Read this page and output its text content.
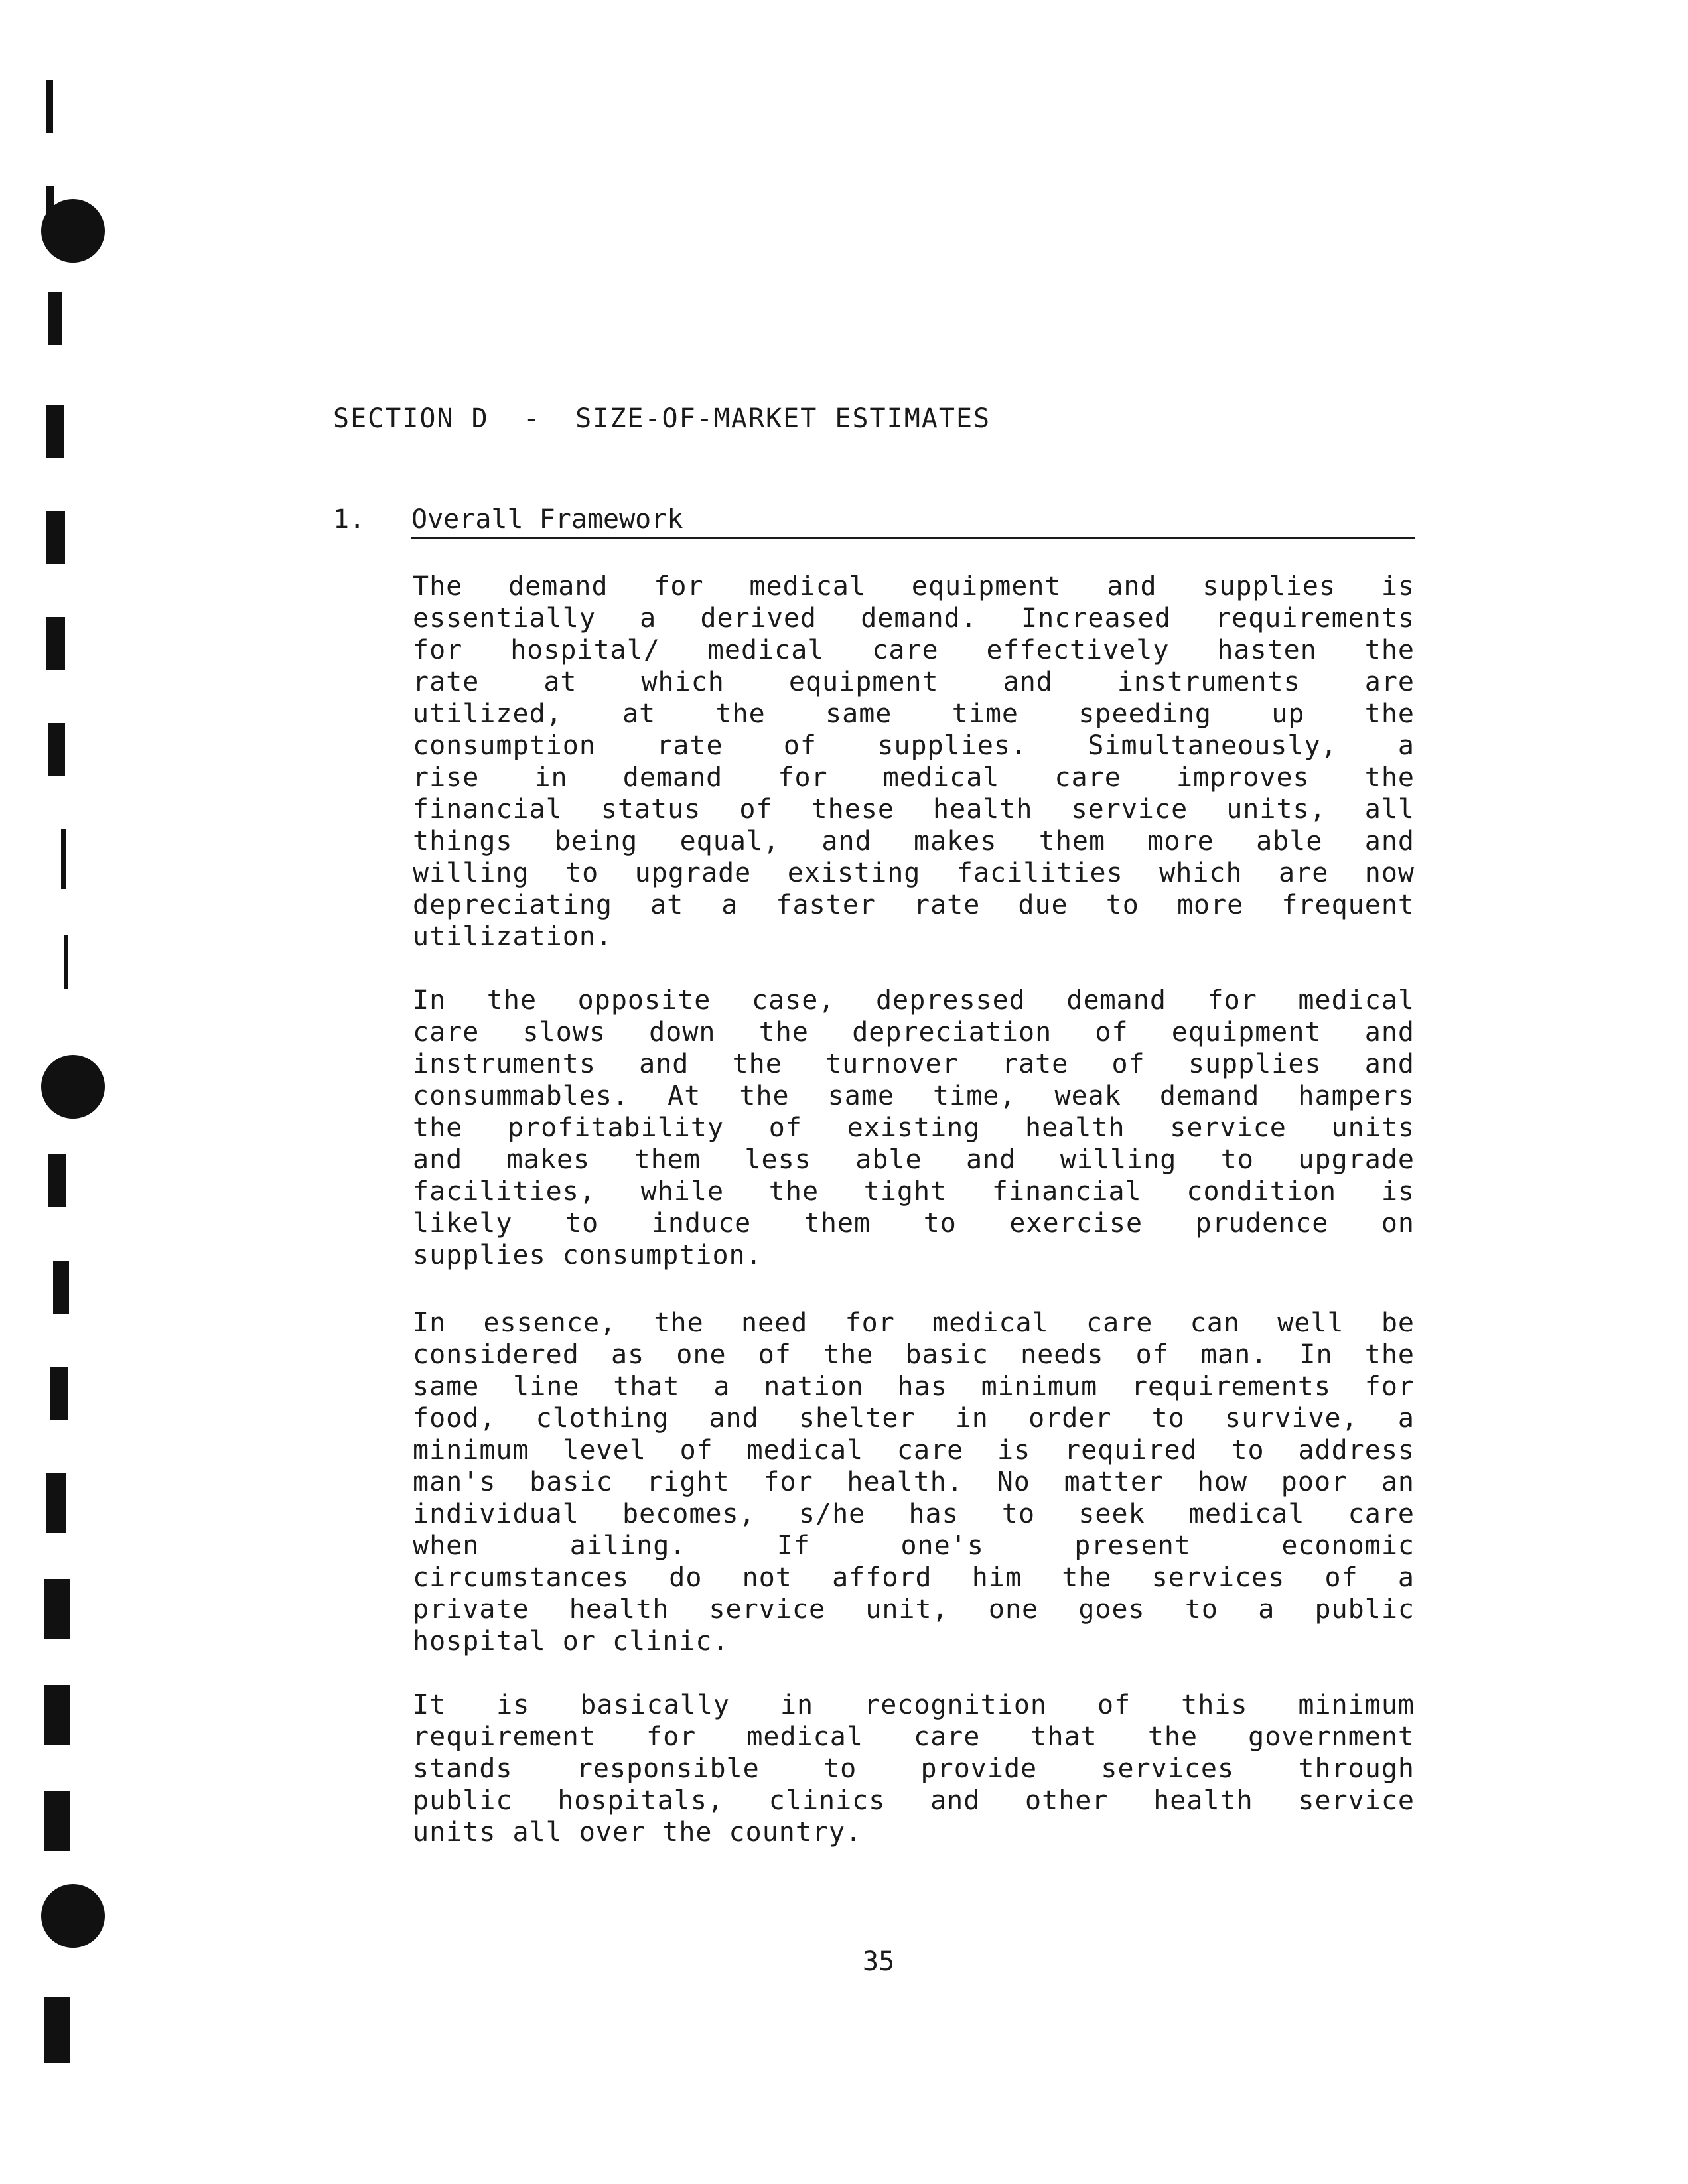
SECTION D  -  SIZE-OF-MARKET ESTIMATES
1. Overall Framework
The demand for medical equipment and supplies is
essentially a derived demand. Increased requirements
for hospital/ medical care effectively hasten the
rate at which equipment and instruments are
utilized, at the same time speeding up the
consumption rate of supplies. Simultaneously, a
rise in demand for medical care improves the
financial status of these health service units, all
things being equal, and makes them more able and
willing to upgrade existing facilities which are now
depreciating at a faster rate due to more frequent
utilization.
In the opposite case, depressed demand for medical
care slows down the depreciation of equipment and
instruments and the turnover rate of supplies and
consummables. At the same time, weak demand hampers
the profitability of existing health service units
and makes them less able and willing to upgrade
facilities, while the tight financial condition is
likely to induce them to exercise prudence on
supplies consumption.
In essence, the need for medical care can well be
considered as one of the basic needs of man. In the
same line that a nation has minimum requirements for
food, clothing and shelter in order to survive, a
minimum level of medical care is required to address
man's basic right for health. No matter how poor an
individual becomes, s/he has to seek medical care
when ailing. If one's present economic
circumstances do not afford him the services of a
private health service unit, one goes to a public
hospital or clinic.
It is basically in recognition of this minimum
requirement for medical care that the government
stands responsible to provide services through
public hospitals, clinics and other health service
units all over the country.
35
